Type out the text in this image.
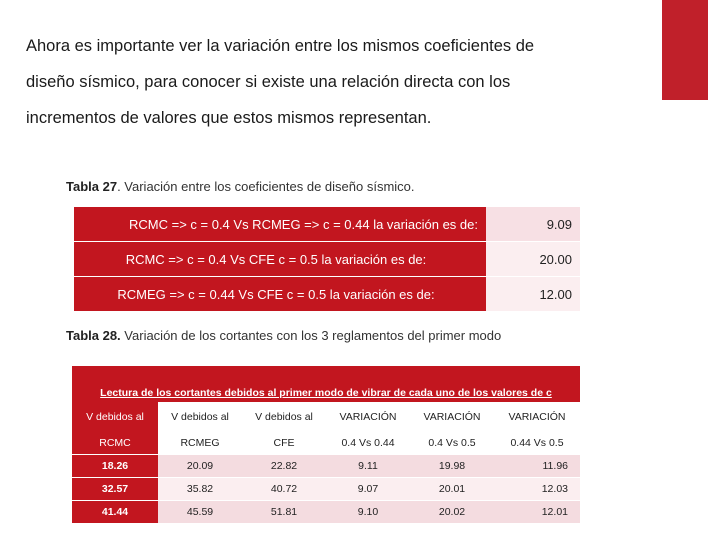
Ahora es importante ver la variación entre los mismos coeficientes de
diseño sísmico, para conocer si existe una relación directa con los
incrementos de valores que estos mismos representan.
Tabla 27. Variación entre los coeficientes de diseño sísmico.
RCMC => c = 0.4 Vs RCMEG => c = 0.44 la variación es de:	9.09
RCMC => c = 0.4 Vs CFE c = 0.5 la variación es de:	20.00
RCMEG => c = 0.44 Vs CFE c = 0.5 la variación es de:	12.00
Tabla 28. Variación de los cortantes con los 3 reglamentos del primer modo
Lectura de los cortantes debidos al primer modo de vibrar de cada uno de los valores de c
V debidos al	V debidos al	V debidos al	VARIACIÓN	VARIACIÓN	VARIACIÓN
RCMC	RCMEG	CFE	0.4 Vs 0.44	0.4 Vs 0.5	0.44 Vs 0.5
18.26	20.09	22.82	9.11	19.98	11.96
32.57	35.82	40.72	9.07	20.01	12.03
41.44	45.59	51.81	9.10	20.02	12.01
